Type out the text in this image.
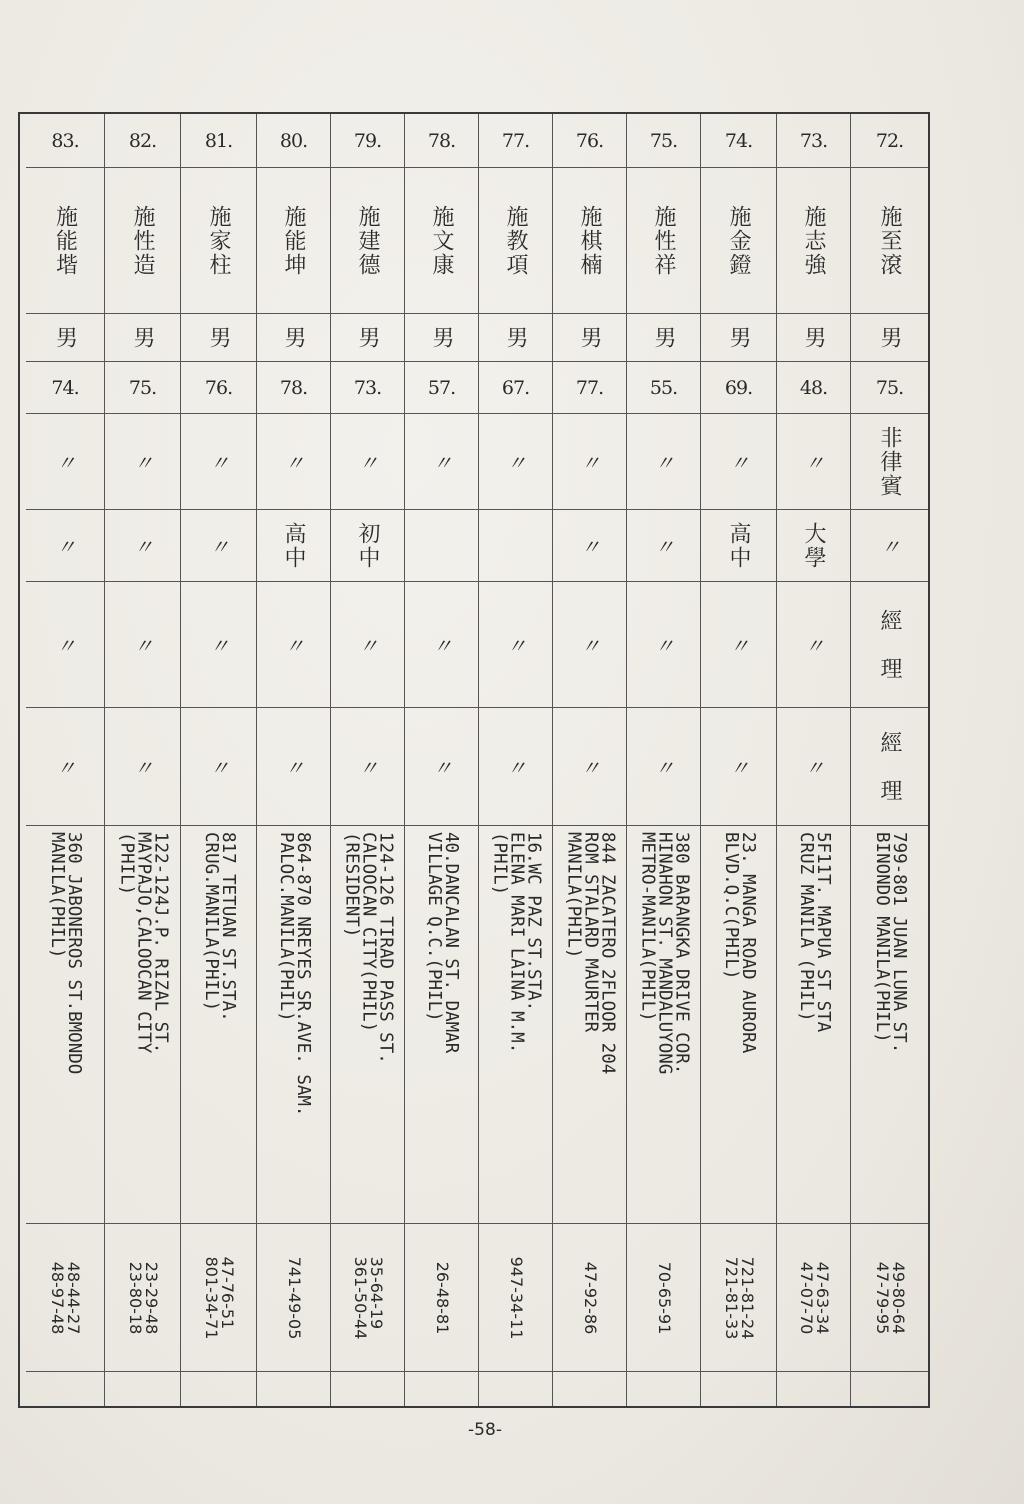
72.
施至滾
男
75.
非律賓
〃
經　理
經　理
799-801 JUAN LUNA ST.
BINONDO MANILA(PHIL)
49-80-64
47-79-95
73.
施志強
男
48.
〃
大學
〃
〃
5F11T. MAPUA ST STA
CRUZ MANILA (PHIL)
47-63-34
47-07-70
74.
施金鐙
男
69.
〃
高中
〃
〃
23. MANGA ROAD AURORA
BLVD.Q.C(PHIL)
721-81-24
721-81-33
75.
施性祥
男
55.
〃
〃
〃
〃
380 BARANGKA DRIVE COR.
HINAHON ST. MANDALUYONG
METRO-MANILA(PHIL)
70-65-91
76.
施棋楠
男
77.
〃
〃
〃
〃
844 ZACATERO 2FLOOR 204
ROM STALARD MAURTER
MANILA(PHIL)
47-92-86
77.
施教項
男
67.
〃
〃
〃
16.WC PAZ ST.STA.
ELENA MARI LAINA M.M.
(PHIL)
947-34-11
78.
施文康
男
57.
〃
〃
〃
40.DANCALAN ST. DAMAR
VILLAGE Q.C.(PHIL)
26-48-81
79.
施建德
男
73.
〃
初中
〃
〃
124-126 TIRAD PASS ST.
CALOOCAN CITY(PHIL)
(RESIDENT)
35-64-19
361-50-44
80.
施能坤
男
78.
〃
高中
〃
〃
864-870 NREYES SR.AVE. SAM.
PALOC.MANILA(PHIL)
741-49-05
81.
施家柱
男
76.
〃
〃
〃
〃
817 TETUAN ST.STA.
CRUG.MANILA(PHIL)
47-76-51
801-34-71
82.
施性造
男
75.
〃
〃
〃
〃
122-124J.P. RIZAL ST.
MAYPAJO,CALOOCAN CITY
(PHIL)
23-29-48
23-80-18
83.
施能堦
男
74.
〃
〃
〃
〃
360 JABONEROS ST.BMONDO
MANILA(PHIL)
48-44-27
48-97-48
-58-
